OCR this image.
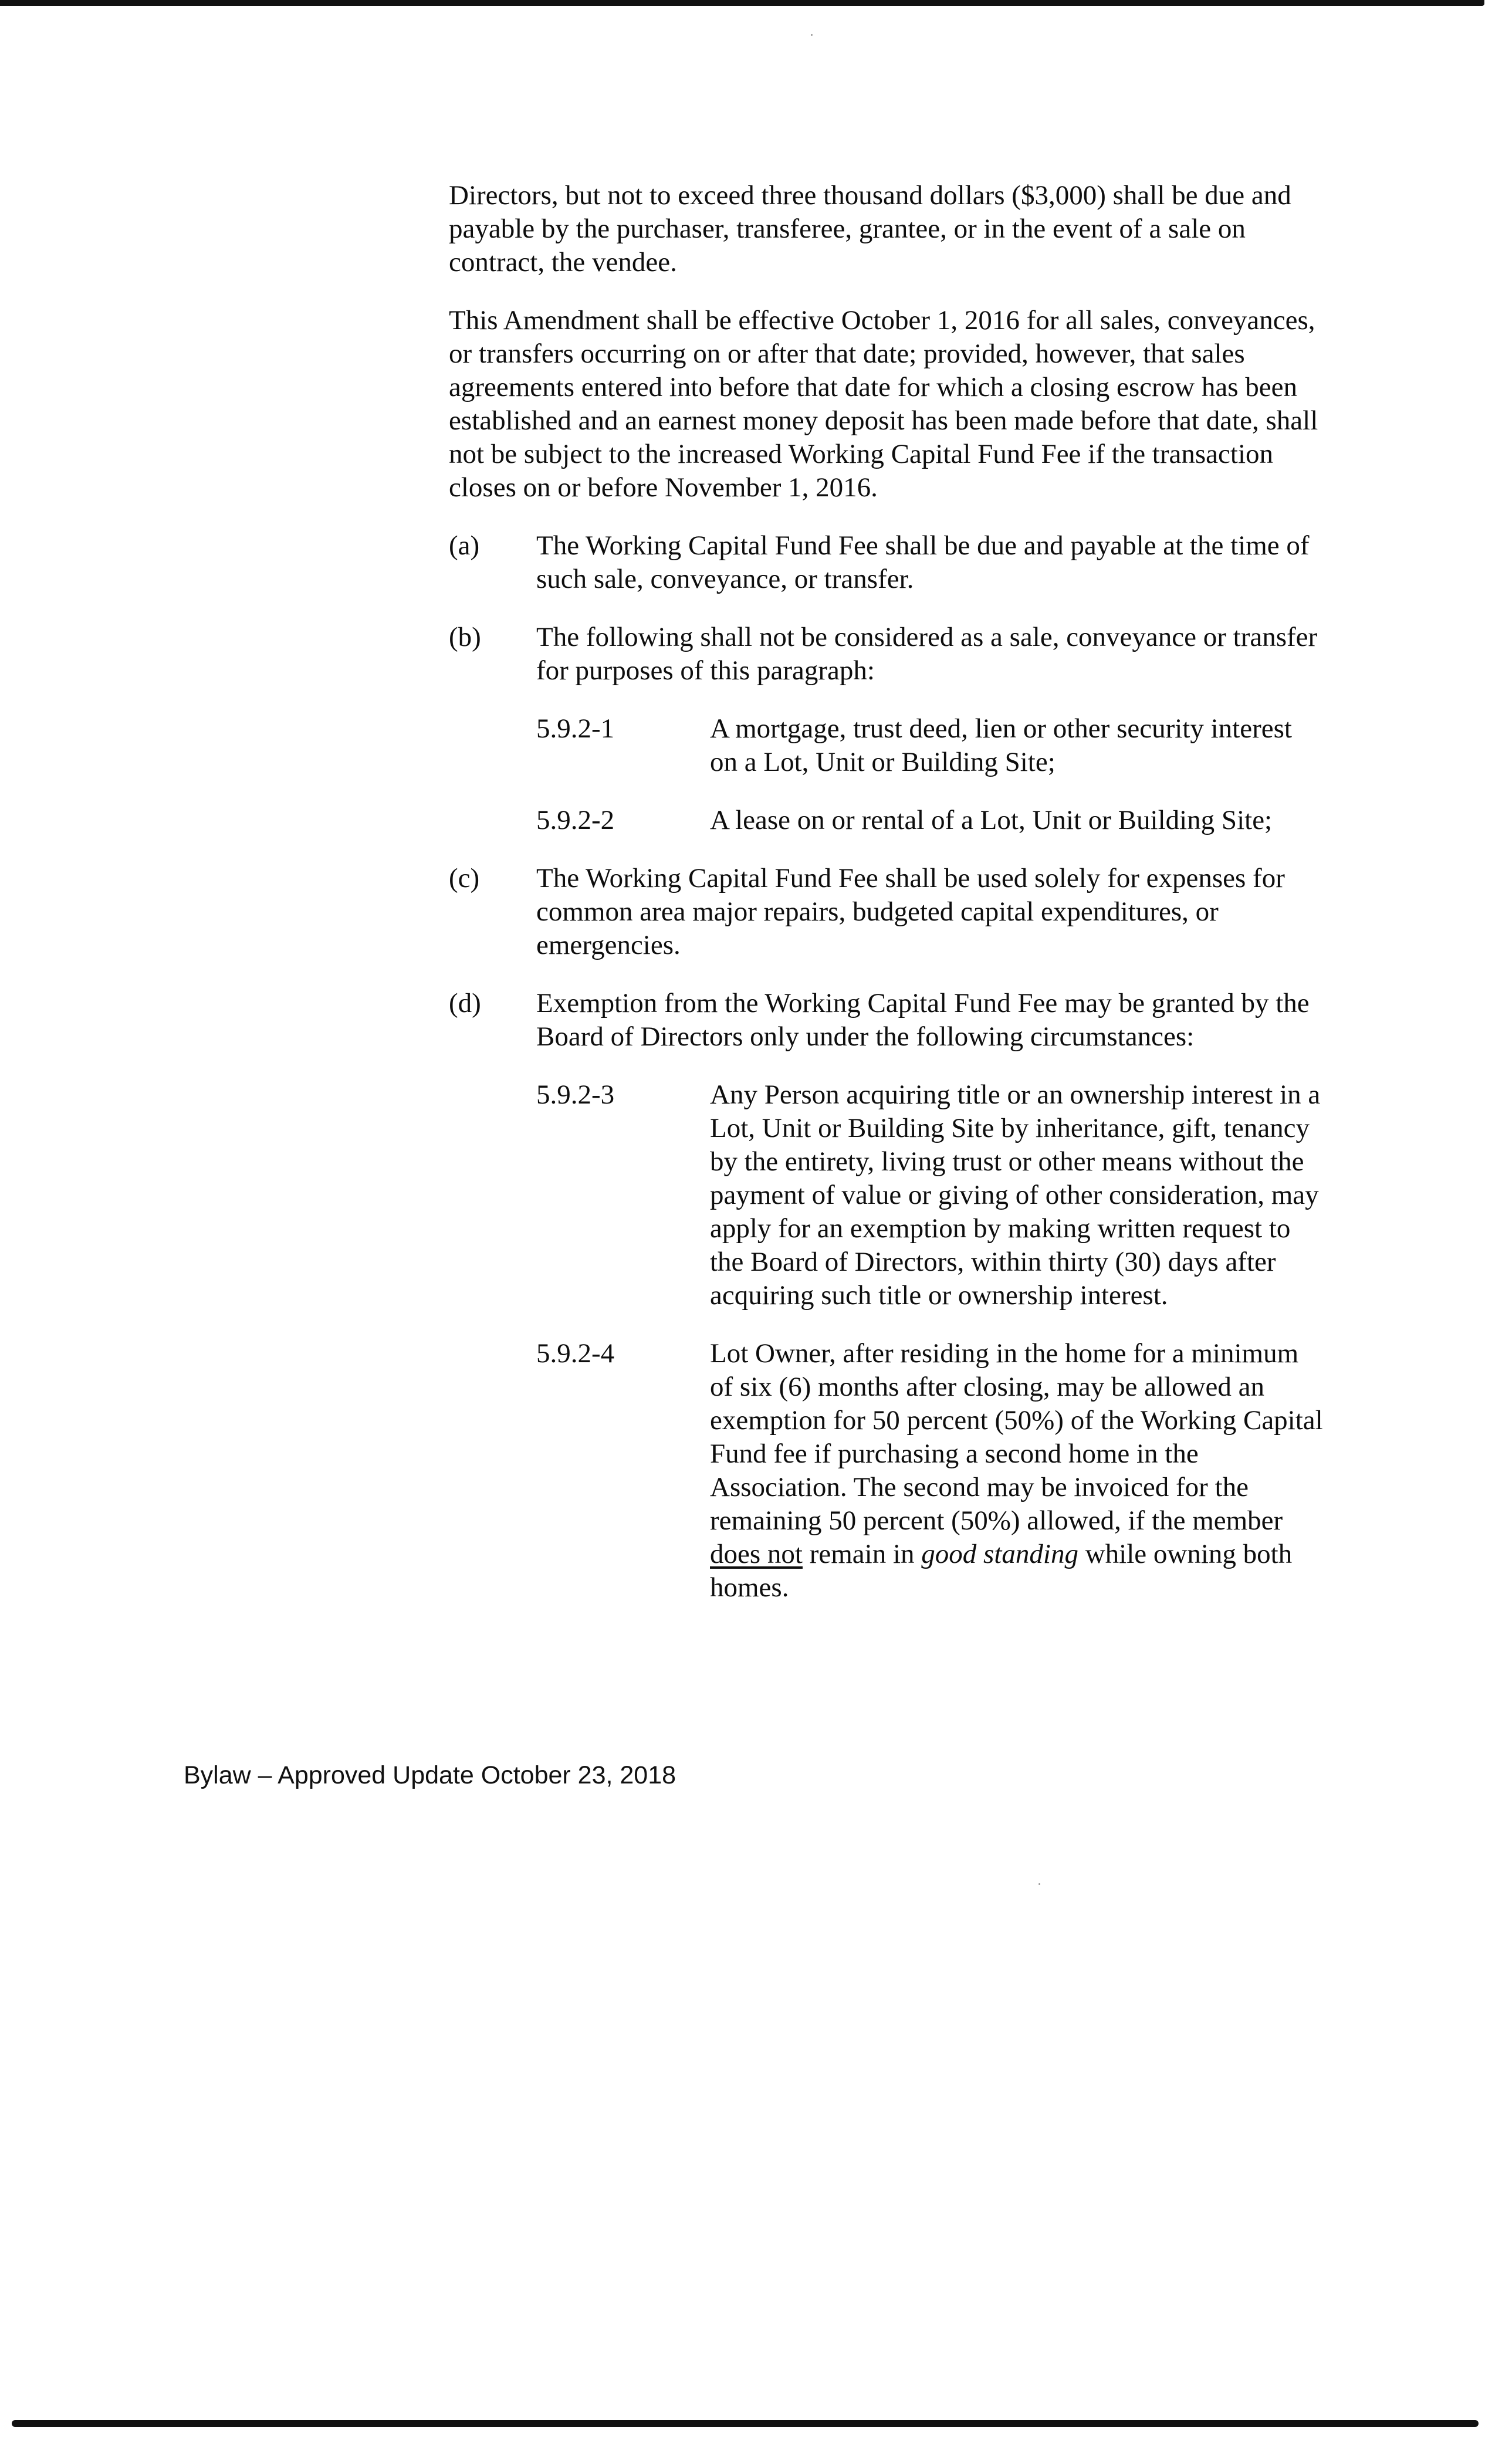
Directors, but not to exceed three thousand dollars ($3,000) shall be due and payable by the purchaser, transferee, grantee, or in the event of a sale on contract, the vendee.

This Amendment shall be effective October 1, 2016 for all sales, conveyances, or transfers occurring on or after that date; provided, however, that sales agreements entered into before that date for which a closing escrow has been established and an earnest money deposit has been made before that date, shall not be subject to the increased Working Capital Fund Fee if the transaction closes on or before November 1, 2016.

(a)	The Working Capital Fund Fee shall be due and payable at the time of such sale, conveyance, or transfer.

(b)	The following shall not be considered as a sale, conveyance or transfer for purposes of this paragraph:

5.9.2-1	A mortgage, trust deed, lien or other security interest on a Lot, Unit or Building Site;
5.9.2-2	A lease on or rental of a Lot, Unit or Building Site;
(c)	The Working Capital Fund Fee shall be used solely for expenses for common area major repairs, budgeted capital expenditures, or emergencies.

(d)	Exemption from the Working Capital Fund Fee may be granted by the Board of Directors only under the following circumstances:

5.9.2-3	Any Person acquiring title or an ownership interest in a Lot, Unit or Building Site by inheritance, gift, tenancy by the entirety, living trust or other means without the payment of value or giving of other consideration, may apply for an exemption by making written request to the Board of Directors, within thirty (30) days after acquiring such title or ownership interest.
5.9.2-4	Lot Owner, after residing in the home for a minimum of six (6) months after closing, may be allowed an exemption for 50 percent (50%) of the Working Capital Fund fee if purchasing a second home in the Association. The second may be invoiced for the remaining 50 percent (50%) allowed, if the member does not remain in good standing while owning both homes.
Bylaw – Approved Update October 23, 2018
